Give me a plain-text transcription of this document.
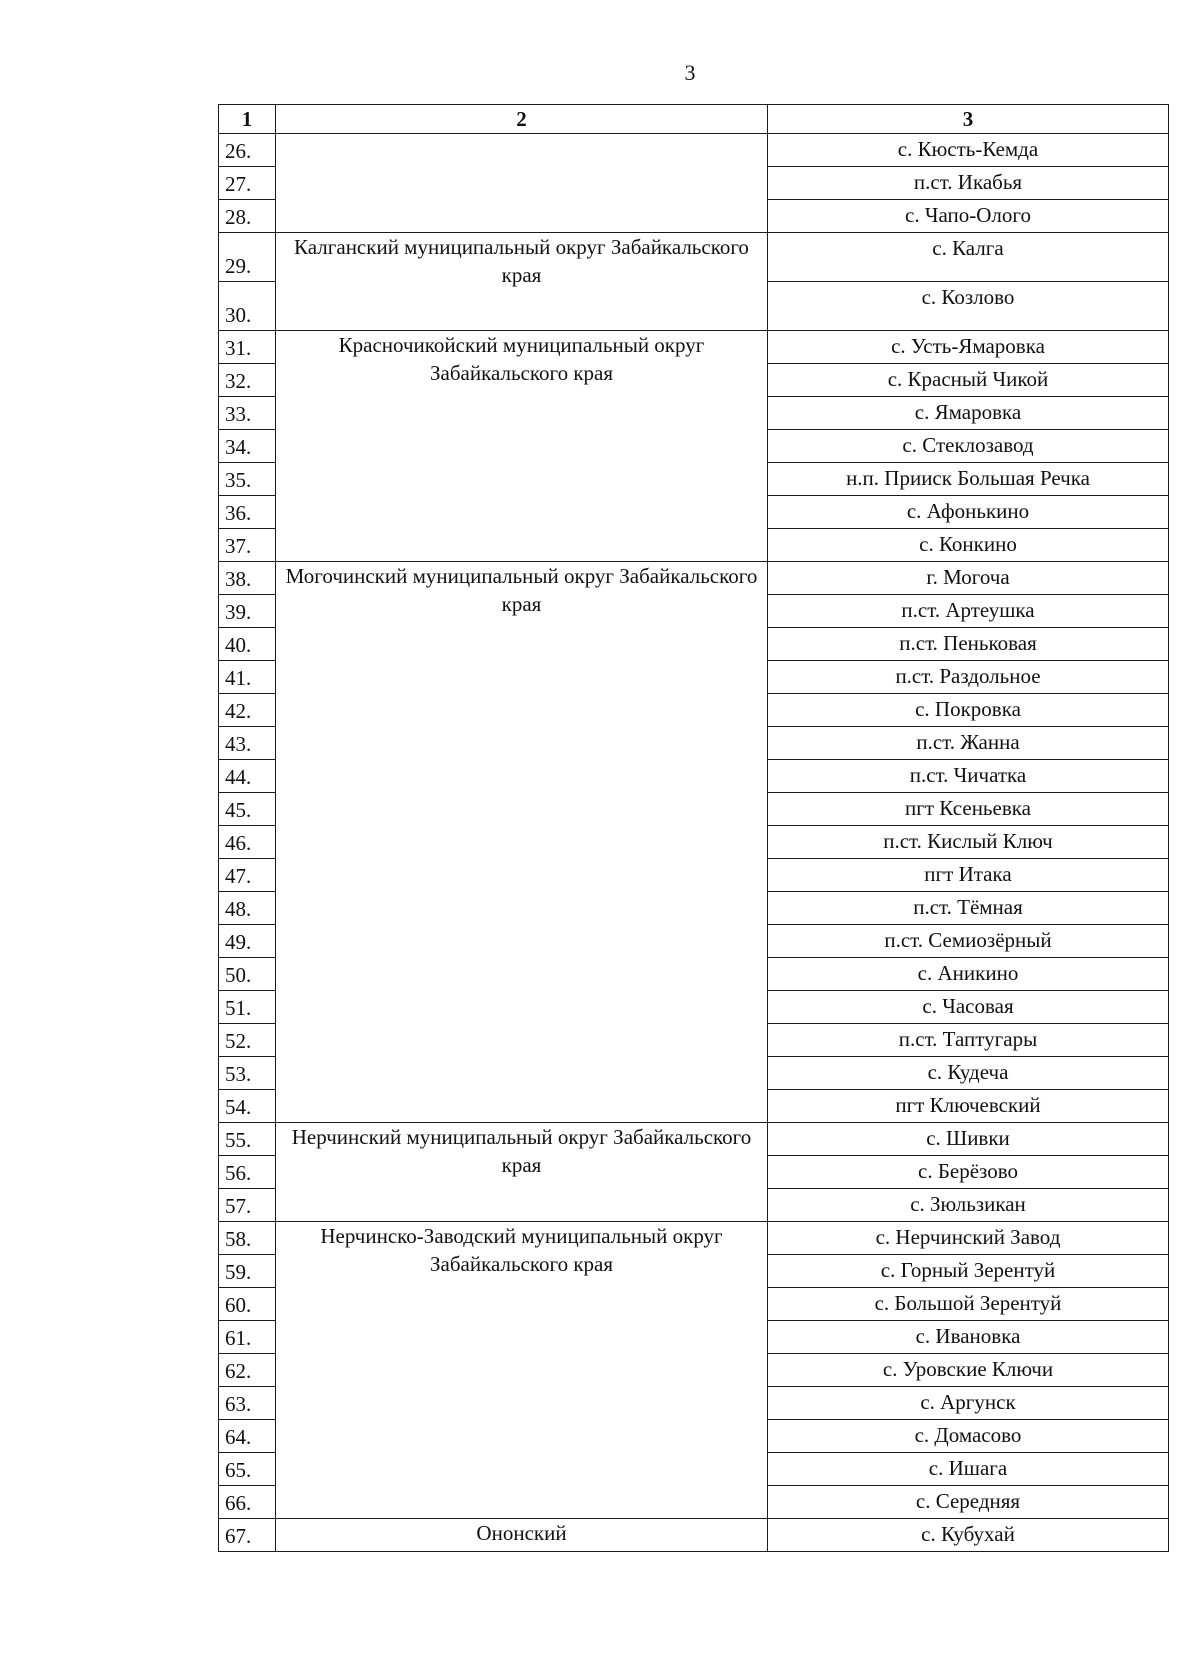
3
1	2	3
26.		с. Кюсть-Кемда
27.		п.ст. Икабья
28.		с. Чапо-Олого
29.	Калганский муниципальный округ Забайкальского края	с. Калга
30.		с. Козлово
31.	Красночикойский муниципальный округ Забайкальского края	с. Усть-Ямаровка
32.		с. Красный Чикой
33.		с. Ямаровка
34.		с. Стеклозавод
35.		н.п. Прииск Большая Речка
36.		с. Афонькино
37.		с. Конкино
38.	Могочинский муниципальный округ Забайкальского края	г. Могоча
39.		п.ст. Артеушка
40.		п.ст. Пеньковая
41.		п.ст. Раздольное
42.		с. Покровка
43.		п.ст. Жанна
44.		п.ст. Чичатка
45.		пгт Ксеньевка
46.		п.ст. Кислый Ключ
47.		пгт Итака
48.		п.ст. Тёмная
49.		п.ст. Семиозёрный
50.		с. Аникино
51.		с. Часовая
52.		п.ст. Таптугары
53.		с. Кудеча
54.		пгт Ключевский
55.	Нерчинский муниципальный округ Забайкальского края	с. Шивки
56.		с. Берёзово
57.		с. Зюльзикан
58.	Нерчинско-Заводский муниципальный округ Забайкальского края	с. Нерчинский Завод
59.		с. Горный Зерентуй
60.		с. Большой Зерентуй
61.		с. Ивановка
62.		с. Уровские Ключи
63.		с. Аргунск
64.		с. Домасово
65.		с. Ишага
66.		с. Середняя
67.	Ононский	с. Кубухай
